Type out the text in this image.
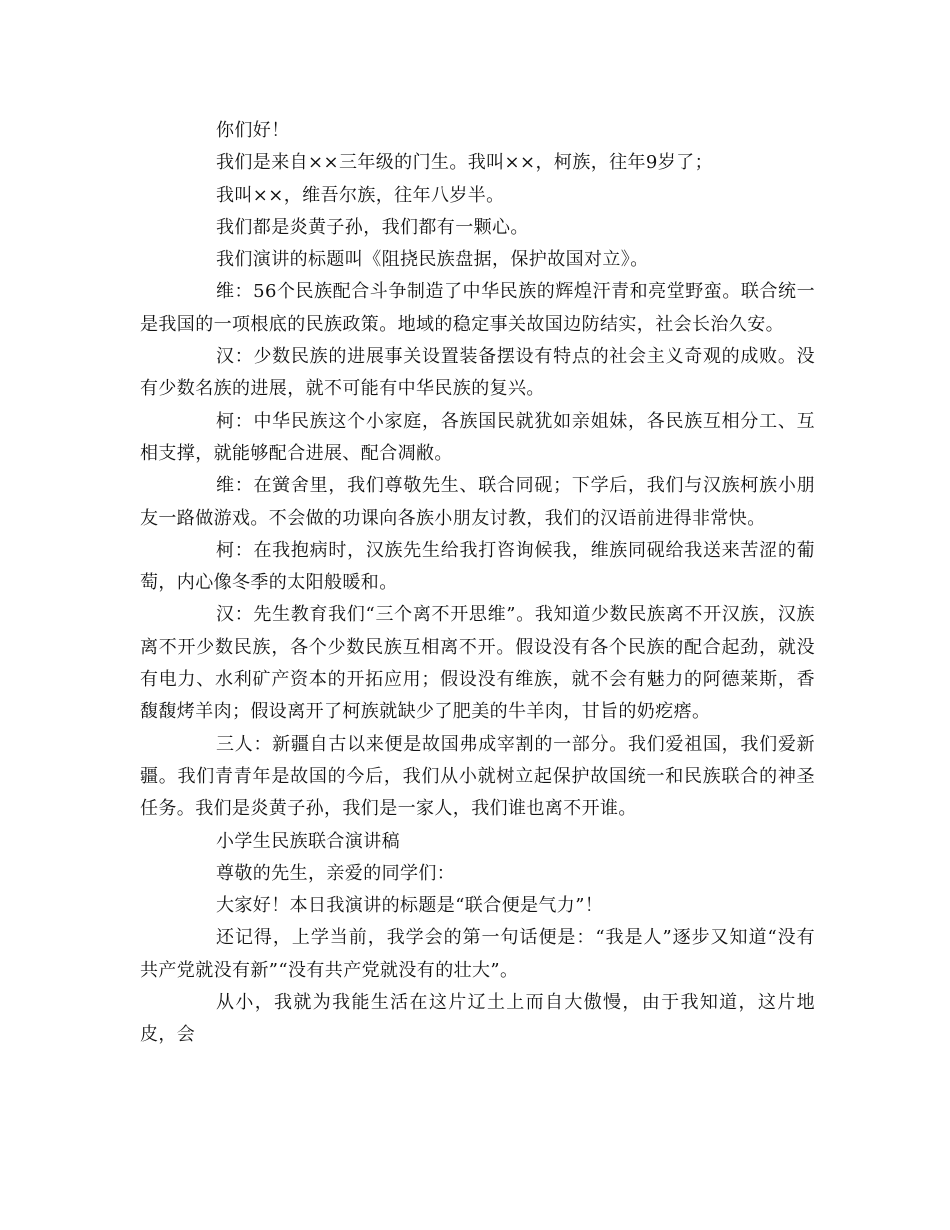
你们好！

我们是来自××三年级的门生。我叫××，柯族，往年9岁了；

我叫××，维吾尔族，往年八岁半。

我们都是炎黄子孙，我们都有一颗心。

我们演讲的标题叫《阻挠民族盘据，保护故国对立》。

维：56个民族配合斗争制造了中华民族的辉煌汗青和亮堂野蛮。联合统一是我国的一项根底的民族政策。地域的稳定事关故国边防结实，社会长治久安。

汉：少数民族的进展事关设置装备摆设有特点的社会主义奇观的成败。没有少数名族的进展，就不可能有中华民族的复兴。

柯：中华民族这个小家庭，各族国民就犹如亲姐妹，各民族互相分工、互相支撑，就能够配合进展、配合凋敝。

维：在黉舍里，我们尊敬先生、联合同砚；下学后，我们与汉族柯族小朋友一路做游戏。不会做的功课向各族小朋友讨教，我们的汉语前进得非常快。

柯：在我抱病时，汉族先生给我打咨询候我，维族同砚给我送来苦涩的葡萄，内心像冬季的太阳般暖和。

汉：先生教育我们“三个离不开思维”。我知道少数民族离不开汉族，汉族离不开少数民族，各个少数民族互相离不开。假设没有各个民族的配合起劲，就没有电力、水利矿产资本的开拓应用；假设没有维族，就不会有魅力的阿德莱斯，香馥馥烤羊肉；假设离开了柯族就缺少了肥美的牛羊肉，甘旨的奶疙瘩。

三人：新疆自古以来便是故国弗成宰割的一部分。我们爱祖国，我们爱新疆。我们青青年是故国的今后，我们从小就树立起保护故国统一和民族联合的神圣任务。我们是炎黄子孙，我们是一家人，我们谁也离不开谁。

小学生民族联合演讲稿

尊敬的先生，亲爱的同学们：

大家好！本日我演讲的标题是“联合便是气力”！

还记得，上学当前，我学会的第一句话便是：“我是人”逐步又知道“没有共产党就没有新”“没有共产党就没有的壮大”。

从小，我就为我能生活在这片辽土上而自大傲慢，由于我知道，这片地皮，会
